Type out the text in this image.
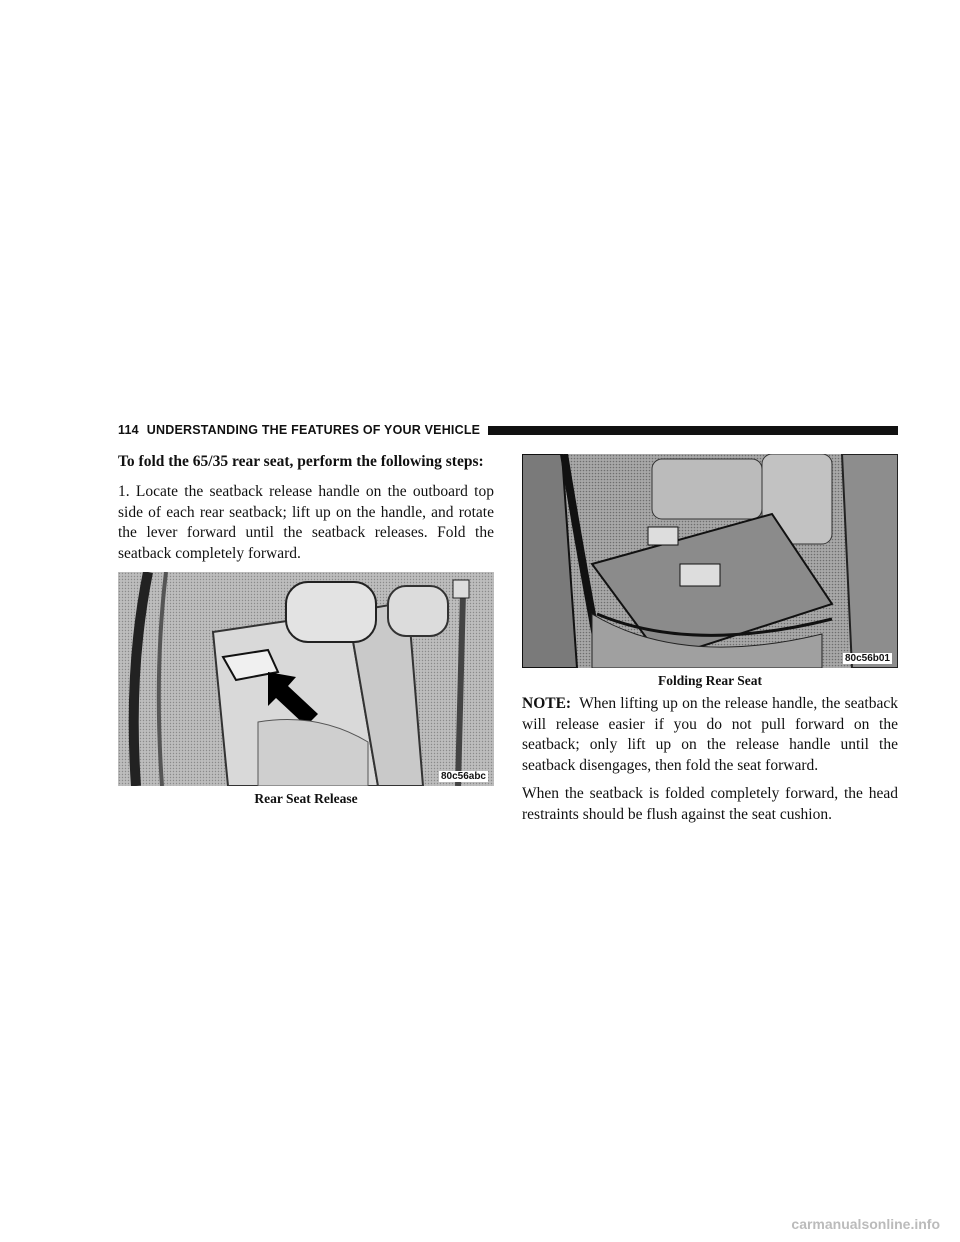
114 UNDERSTANDING THE FEATURES OF YOUR VEHICLE

To fold the 65/35 rear seat, perform the following steps:

1. Locate the seatback release handle on the outboard top side of each rear seatback; lift up on the handle, and rotate the lever forward until the seatback releases. Fold the seatback completely forward.

80c56abc
Rear Seat Release
80c56b01
Folding Rear Seat

NOTE: When lifting up on the release handle, the seatback will release easier if you do not pull forward on the seatback; only lift up on the release handle until the seatback disengages, then fold the seat forward.

When the seatback is folded completely forward, the head restraints should be flush against the seat cushion.

carmanualsonline.info
